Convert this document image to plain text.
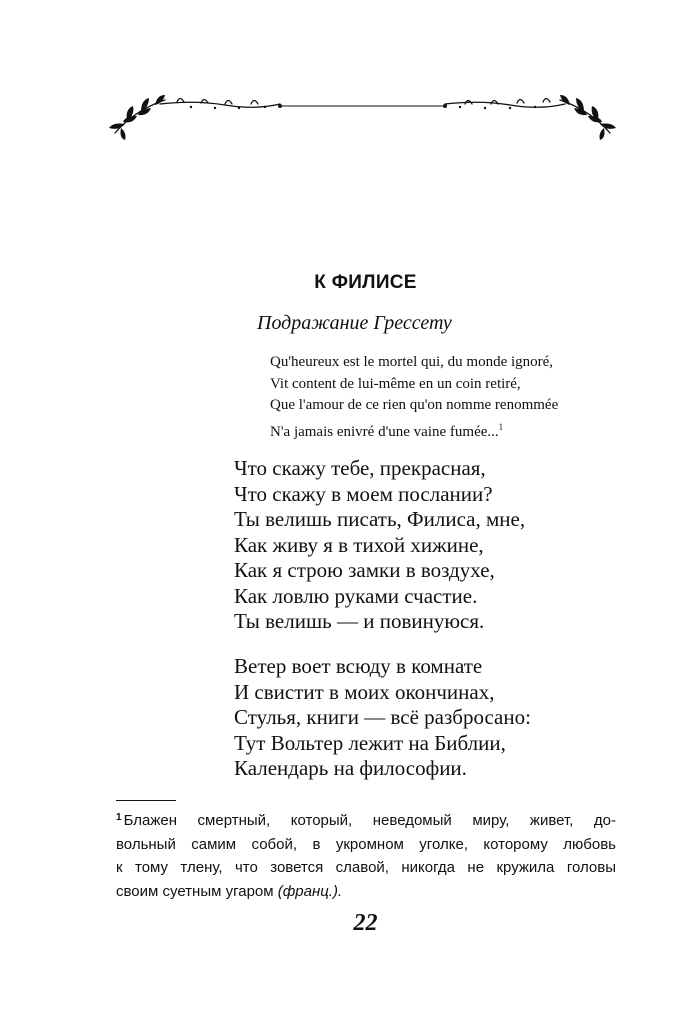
К ФИЛИСЕ
Подражание Грессету
Qu'heureux est le mortel qui, du monde ignoré,
Vit content de lui-même en un coin retiré,
Que l'amour de ce rien qu'on nomme renommée
N'a jamais enivré d'une vaine fumée...$^1$
Что скажу тебе, прекрасная,
Что скажу в моем послании?
Ты велишь писать, Филиса, мне,
Как живу я в тихой хижине,
Как я строю замки в воздухе,
Как ловлю руками счастие.
Ты велишь — и повинуюся.
Ветер воет всюду в комнате
И свистит в моих окончинах,
Стулья, книги — всё разбросано:
Тут Вольтер лежит на Библии,
Календарь на философии.
$^1$ Блажен смертный, который, неведомый миру, живет, до-
вольный самим собой, в укромном уголке, которому любовь
к тому тлену, что зовется славой, никогда не кружила головы
своим суетным угаром (франц.).
22
